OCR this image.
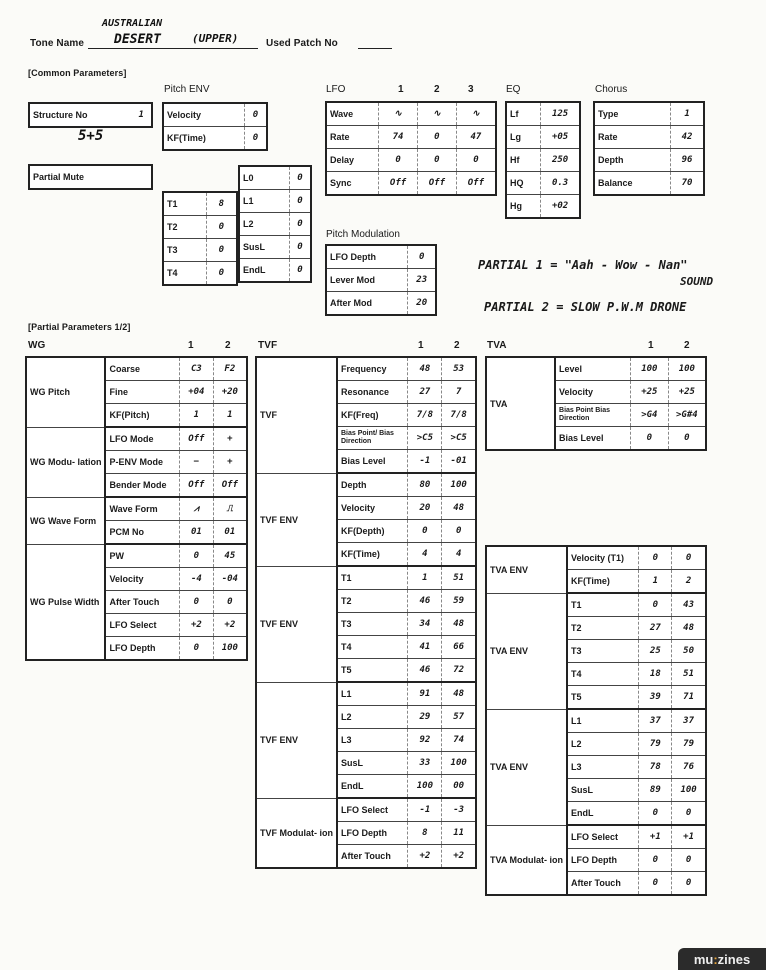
Tone Name
AUSTRALIAN
DESERT	(UPPER)	Used Patch No
[Common Parameters]
Structure No	1
5+5
Partial Mute	
Pitch ENV
Velocity	0
KF(Time)	0
T1	8
T2	0
T3	0
T4	0
L0	0
L1	0
L2	0
SusL	0
EndL	0
LFO	1	2	3
Wave	∿	∿	∿
Rate	74	0	47
Delay	0	0	0
Sync	Off	Off	Off
EQ
Lf	125
Lg	+05
Hf	250
HQ	0.3
Hg	+02
Chorus
Type	1
Rate	42
Depth	96
Balance	70
Pitch Modulation
LFO Depth	0
Lever Mod	23
After Mod	20
PARTIAL 1 = "Aah - Wow - Nan"
SOUND
PARTIAL 2 = SLOW P.W.M DRONE
[Partial Parameters 1/2]
WG	1	2
WG Pitch	Coarse	C3	F2
	Fine	+04	+20
	KF(Pitch)	1	1
WG Modu- lation	LFO Mode	Off	+
	P-ENV Mode	−	+
	Bender Mode	Off	Off
WG Wave Form	Wave Form	⩘	⎍
	PCM No	01	01
WG Pulse Width	PW	0	45
	Velocity	-4	-04
	After Touch	0	0
	LFO Select	+2	+2
	LFO Depth	0	100
TVF	1	2
TVF	Frequency	48	53
	Resonance	27	7
	KF(Freq)	7/8	7/8
	Bias Point/ Bias Direction	>C5	>C5
	Bias Level	-1	-01
TVF ENV	Depth	80	100
	Velocity	20	48
	KF(Depth)	0	0
	KF(Time)	4	4
TVF ENV	T1	1	51
	T2	46	59
	T3	34	48
	T4	41	66
	T5	46	72
TVF ENV	L1	91	48
	L2	29	57
	L3	92	74
	SusL	33	100
	EndL	100	00
TVF Modulat- ion	LFO Select	-1	-3
	LFO Depth	8	11
	After Touch	+2	+2
TVA	1	2
TVA	Level	100	100
	Velocity	+25	+25
	Bias Point Bias Direction	>G4	>G#4
	Bias Level	0	0
TVA ENV	Velocity (T1)	0	0
	KF(Time)	1	2
TVA ENV	T1	0	43
	T2	27	48
	T3	25	50
	T4	18	51
	T5	39	71
TVA ENV	L1	37	37
	L2	79	79
	L3	78	76
	SusL	89	100
	EndL	0	0
TVA Modulat- ion	LFO Select	+1	+1
	LFO Depth	0	0
	After Touch	0	0
mu : zines
